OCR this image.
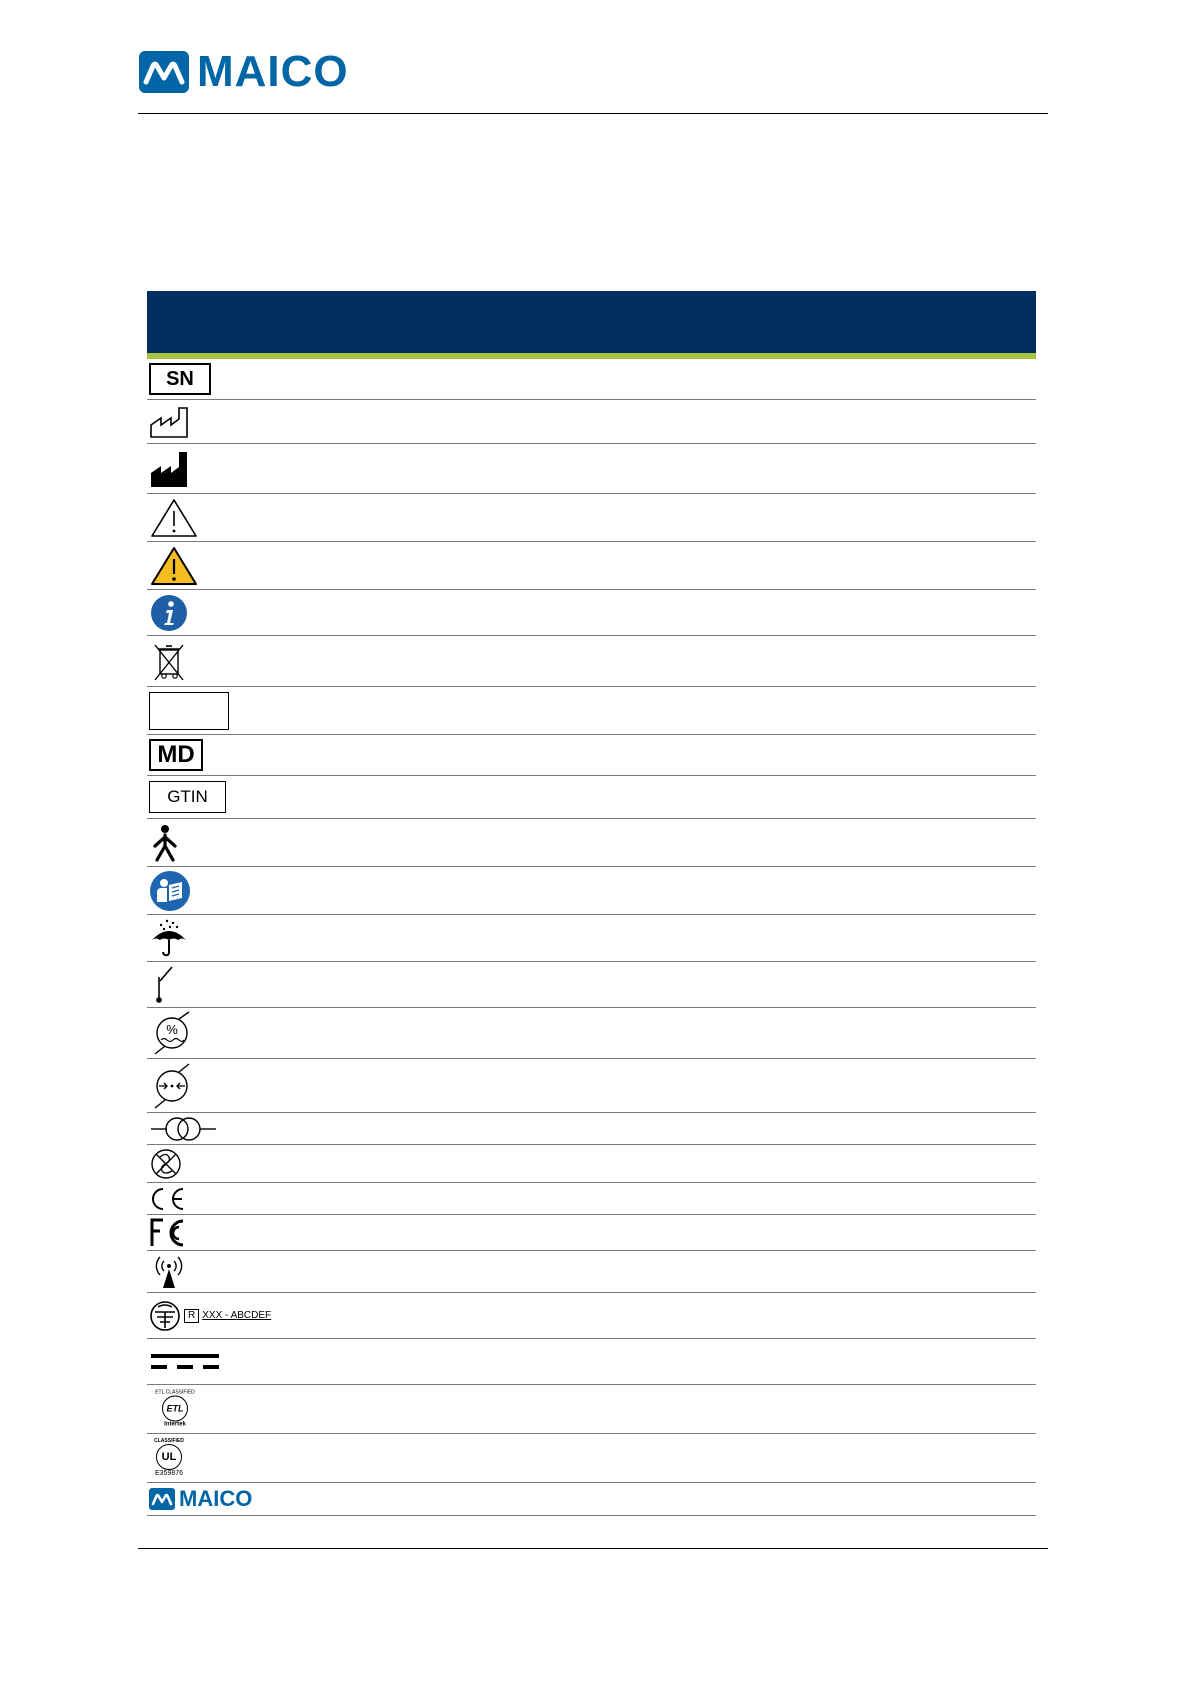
MAICO
SN
MD
GTIN
%
CE
FC
R XXX - ABCDEF
ETL CLASSIFIED
ETL
Intertek
CLASSIFIED
UL
E359876
MAICO
